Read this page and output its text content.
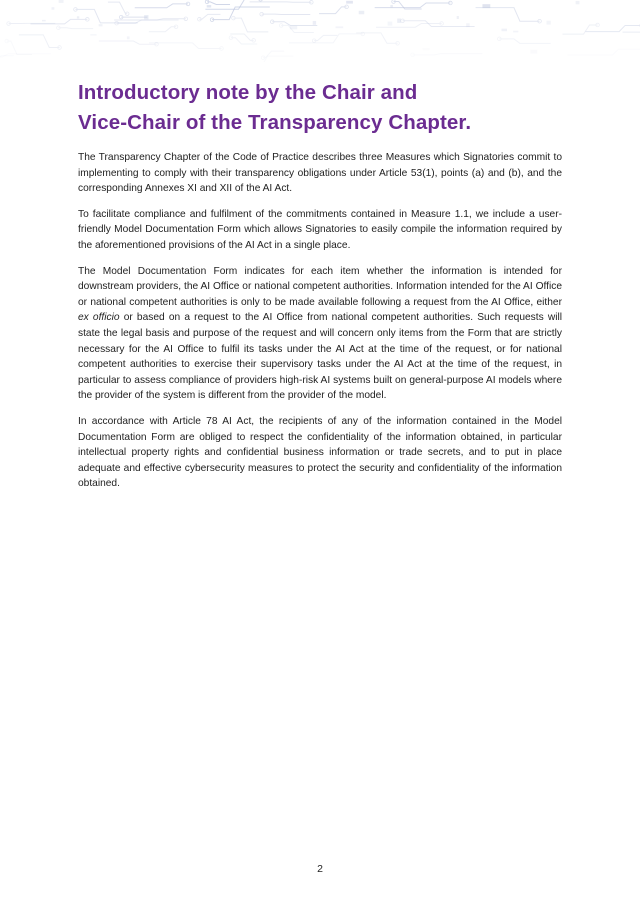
Introductory note by the Chair and
Vice-Chair of the Transparency Chapter.

The Transparency Chapter of the Code of Practice describes three Measures which Signatories commit to implementing to comply with their transparency obligations under Article 53(1), points (a) and (b), and the corresponding Annexes XI and XII of the AI Act.

To facilitate compliance and fulfilment of the commitments contained in Measure 1.1, we include a user-friendly Model Documentation Form which allows Signatories to easily compile the information required by the aforementioned provisions of the AI Act in a single place.

The Model Documentation Form indicates for each item whether the information is intended for downstream providers, the AI Office or national competent authorities. Information intended for the AI Office or national competent authorities is only to be made available following a request from the AI Office, either ex officio or based on a request to the AI Office from national competent authorities. Such requests will state the legal basis and purpose of the request and will concern only items from the Form that are strictly necessary for the AI Office to fulfil its tasks under the AI Act at the time of the request, or for national competent authorities to exercise their supervisory tasks under the AI Act at the time of the request, in particular to assess compliance of providers high-risk AI systems built on general-purpose AI models where the provider of the system is different from the provider of the model.

In accordance with Article 78 AI Act, the recipients of any of the information contained in the Model Documentation Form are obliged to respect the confidentiality of the information obtained, in particular intellectual property rights and confidential business information or trade secrets, and to put in place adequate and effective cybersecurity measures to protect the security and confidentiality of the information obtained.

2
